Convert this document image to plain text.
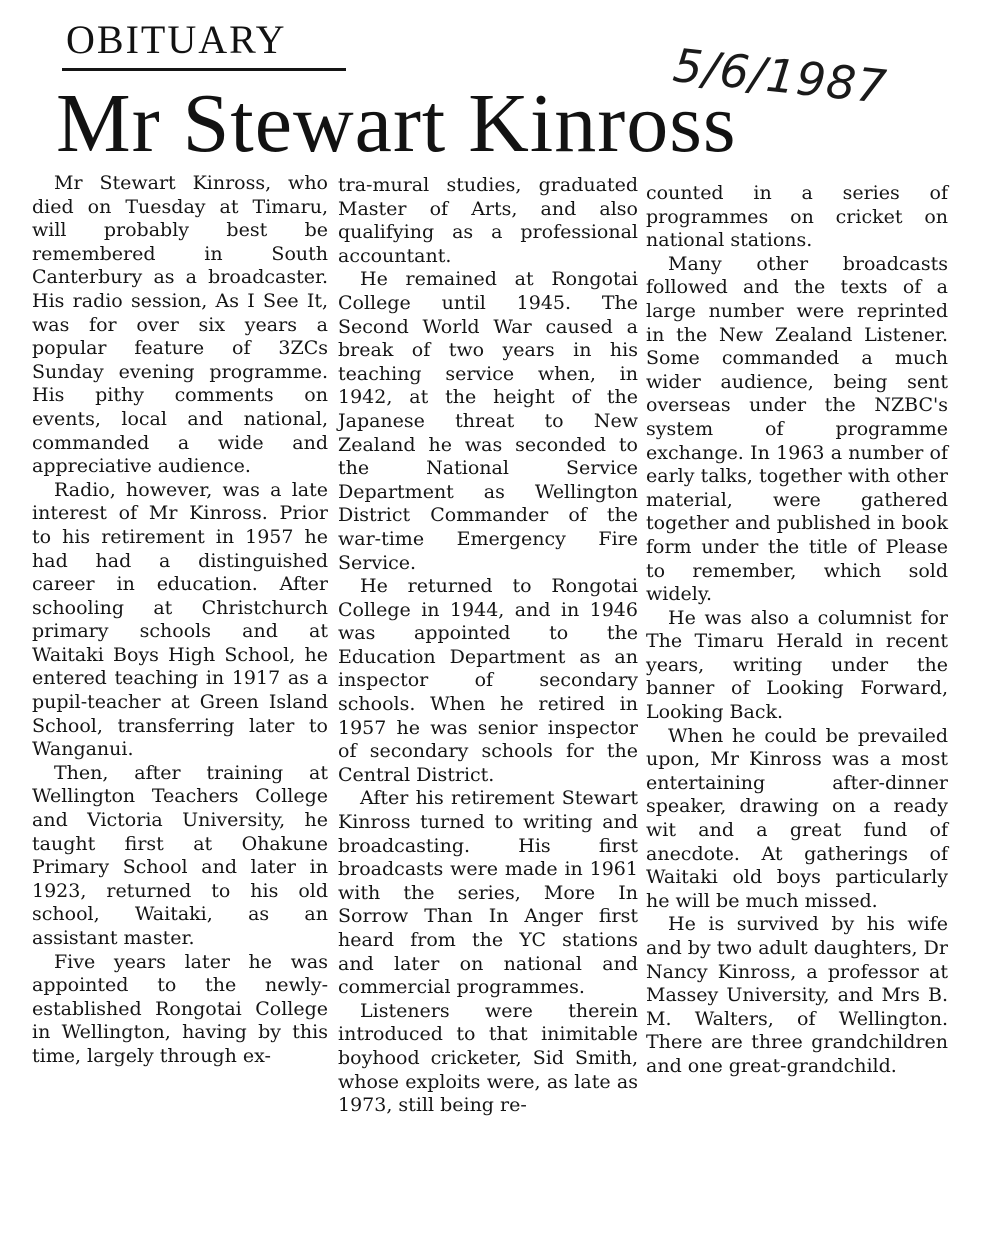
OBITUARY	5/6/1987
Mr Stewart Kinross

Mr Stewart Kinross, who died on Tuesday at Timaru, will probably best be remembered in South Canterbury as a broadcaster. His radio session, As I See It, was for over six years a popular feature of 3ZCs Sunday evening programme. His pithy comments on events, local and national, commanded a wide and appreciative audience.

Radio, however, was a late interest of Mr Kinross. Prior to his retirement in 1957 he had had a distinguished career in education. After schooling at Christchurch primary schools and at Waitaki Boys High School, he entered teaching in 1917 as a pupil-teacher at Green Island School, transferring later to Wanganui.

Then, after training at Wellington Teachers College and Victoria University, he taught first at Ohakune Primary School and later in 1923, returned to his old school, Waitaki, as an assistant master.

Five years later he was appointed to the newly-established Rongotai College in Wellington, having by this time, largely through ex-

tra-mural studies, graduated Master of Arts, and also qualifying as a professional accountant.

He remained at Rongotai College until 1945. The Second World War caused a break of two years in his teaching service when, in 1942, at the height of the Japanese threat to New Zealand he was seconded to the National Service Department as Wellington District Commander of the war-time Emergency Fire Service.

He returned to Rongotai College in 1944, and in 1946 was appointed to the Education Department as an inspector of secondary schools. When he retired in 1957 he was senior inspector of secondary schools for the Central District.

After his retirement Stewart Kinross turned to writing and broadcasting. His first broadcasts were made in 1961 with the series, More In Sorrow Than In Anger first heard from the YC stations and later on national and commercial programmes.

Listeners were therein introduced to that inimitable boyhood cricketer, Sid Smith, whose exploits were, as late as 1973, still being re-

counted in a series of programmes on cricket on national stations.

Many other broadcasts followed and the texts of a large number were reprinted in the New Zealand Listener. Some commanded a much wider audience, being sent overseas under the NZBC's system of programme exchange. In 1963 a number of early talks, together with other material, were gathered together and published in book form under the title of Please to remember, which sold widely.

He was also a columnist for The Timaru Herald in recent years, writing under the banner of Looking Forward, Looking Back.

When he could be prevailed upon, Mr Kinross was a most entertaining after-dinner speaker, drawing on a ready wit and a great fund of anecdote. At gatherings of Waitaki old boys particularly he will be much missed.

He is survived by his wife and by two adult daughters, Dr Nancy Kinross, a professor at Massey University, and Mrs B. M. Walters, of Wellington. There are three grandchildren and one great-grandchild.
